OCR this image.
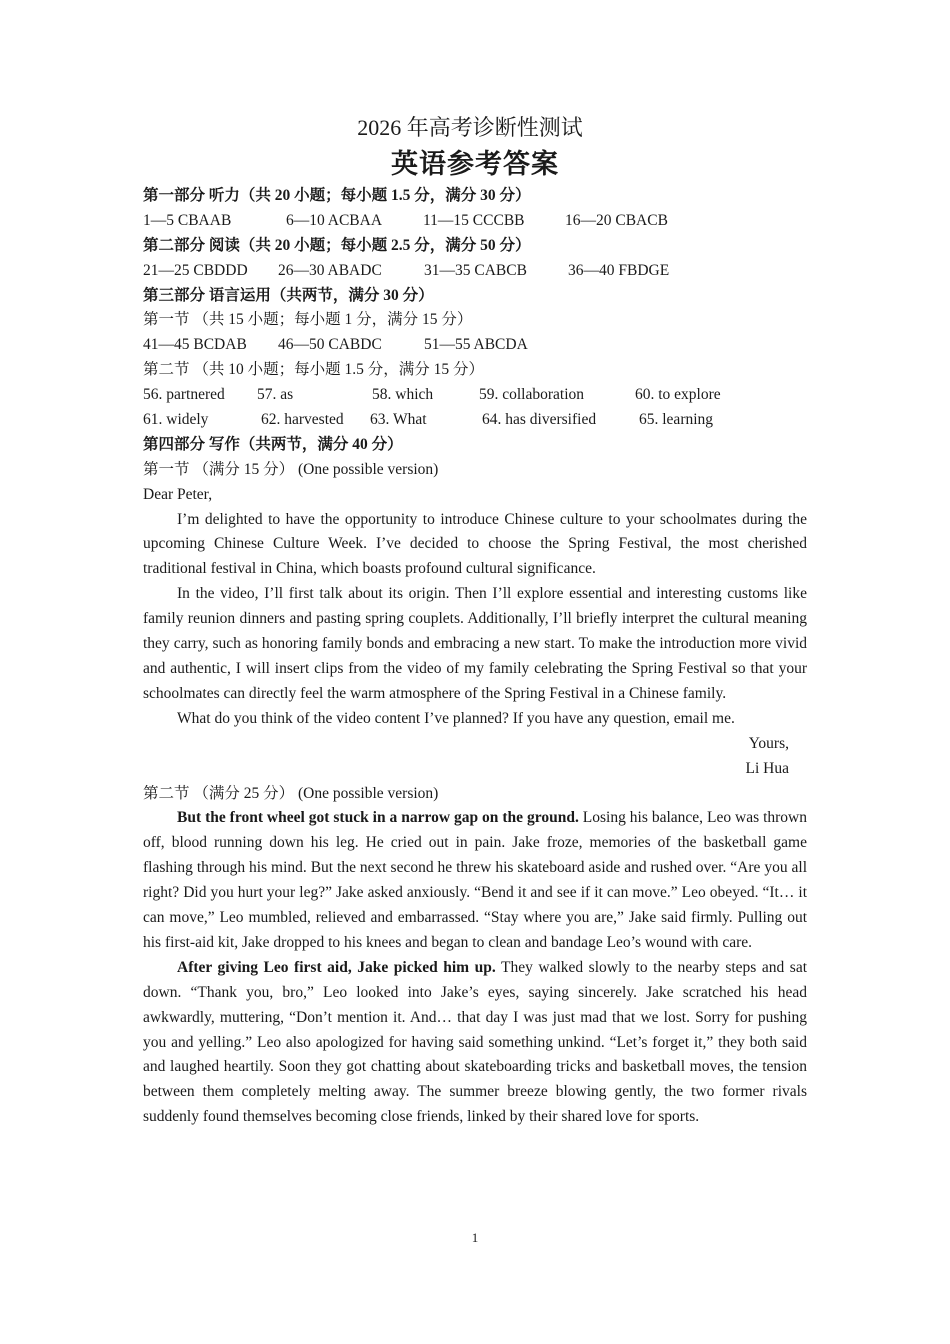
2026 年高考诊断性测试
英语参考答案
第一部分 听力（共 20 小题；每小题 1.5 分，满分 30 分）
1—5 CBAAB	6—10 ACBAA	11—15 CCCBB	16—20 CBACB
第二部分 阅读（共 20 小题；每小题 2.5 分，满分 50 分）
21—25 CBDDD 26—30 ABADC	31—35 CABCB	36—40 FBDGE
第三部分 语言运用（共两节，满分 30 分）
第一节 （共 15 小题；每小题 1 分，满分 15 分）
41—45 BCDAB 46—50 CABDC	51—55 ABCDA
第二节 （共 10 小题；每小题 1.5 分，满分 15 分）
56. partnered 57. as	58. which	59. collaboration	60. to explore
61. widely	62. harvested 63. What	64. has diversified	65. learning
第四部分 写作（共两节，满分 40 分）
第一节 （满分 15 分） (One possible version)
Dear Peter,

I’m delighted to have the opportunity to introduce Chinese culture to your schoolmates during the upcoming Chinese Culture Week. I’ve decided to choose the Spring Festival, the most cherished traditional festival in China, which boasts profound cultural significance.

In the video, I’ll first talk about its origin. Then I’ll explore essential and interesting customs like family reunion dinners and pasting spring couplets. Additionally, I’ll briefly interpret the cultural meaning they carry, such as honoring family bonds and embracing a new start. To make the introduction more vivid and authentic, I will insert clips from the video of my family celebrating the Spring Festival so that your schoolmates can directly feel the warm atmosphere of the Spring Festival in a Chinese family.

What do you think of the video content I’ve planned? If you have any question, email me.

Yours,
Li Hua
第二节 （满分 25 分） (One possible version)

But the front wheel got stuck in a narrow gap on the ground. Losing his balance, Leo was thrown off, blood running down his leg. He cried out in pain. Jake froze, memories of the basketball game flashing through his mind. But the next second he threw his skateboard aside and rushed over. “Are you all right? Did you hurt your leg?” Jake asked anxiously. “Bend it and see if it can move.” Leo obeyed. “It… it can move,” Leo mumbled, relieved and embarrassed. “Stay where you are,” Jake said firmly. Pulling out his first-aid kit, Jake dropped to his knees and began to clean and bandage Leo’s wound with care.

After giving Leo first aid, Jake picked him up. They walked slowly to the nearby steps and sat down. “Thank you, bro,” Leo looked into Jake’s eyes, saying sincerely. Jake scratched his head awkwardly, muttering, “Don’t mention it. And… that day I was just mad that we lost. Sorry for pushing you and yelling.” Leo also apologized for having said something unkind. “Let’s forget it,” they both said and laughed heartily. Soon they got chatting about skateboarding tricks and basketball moves, the tension between them completely melting away. The summer breeze blowing gently, the two former rivals suddenly found themselves becoming close friends, linked by their shared love for sports.

1
